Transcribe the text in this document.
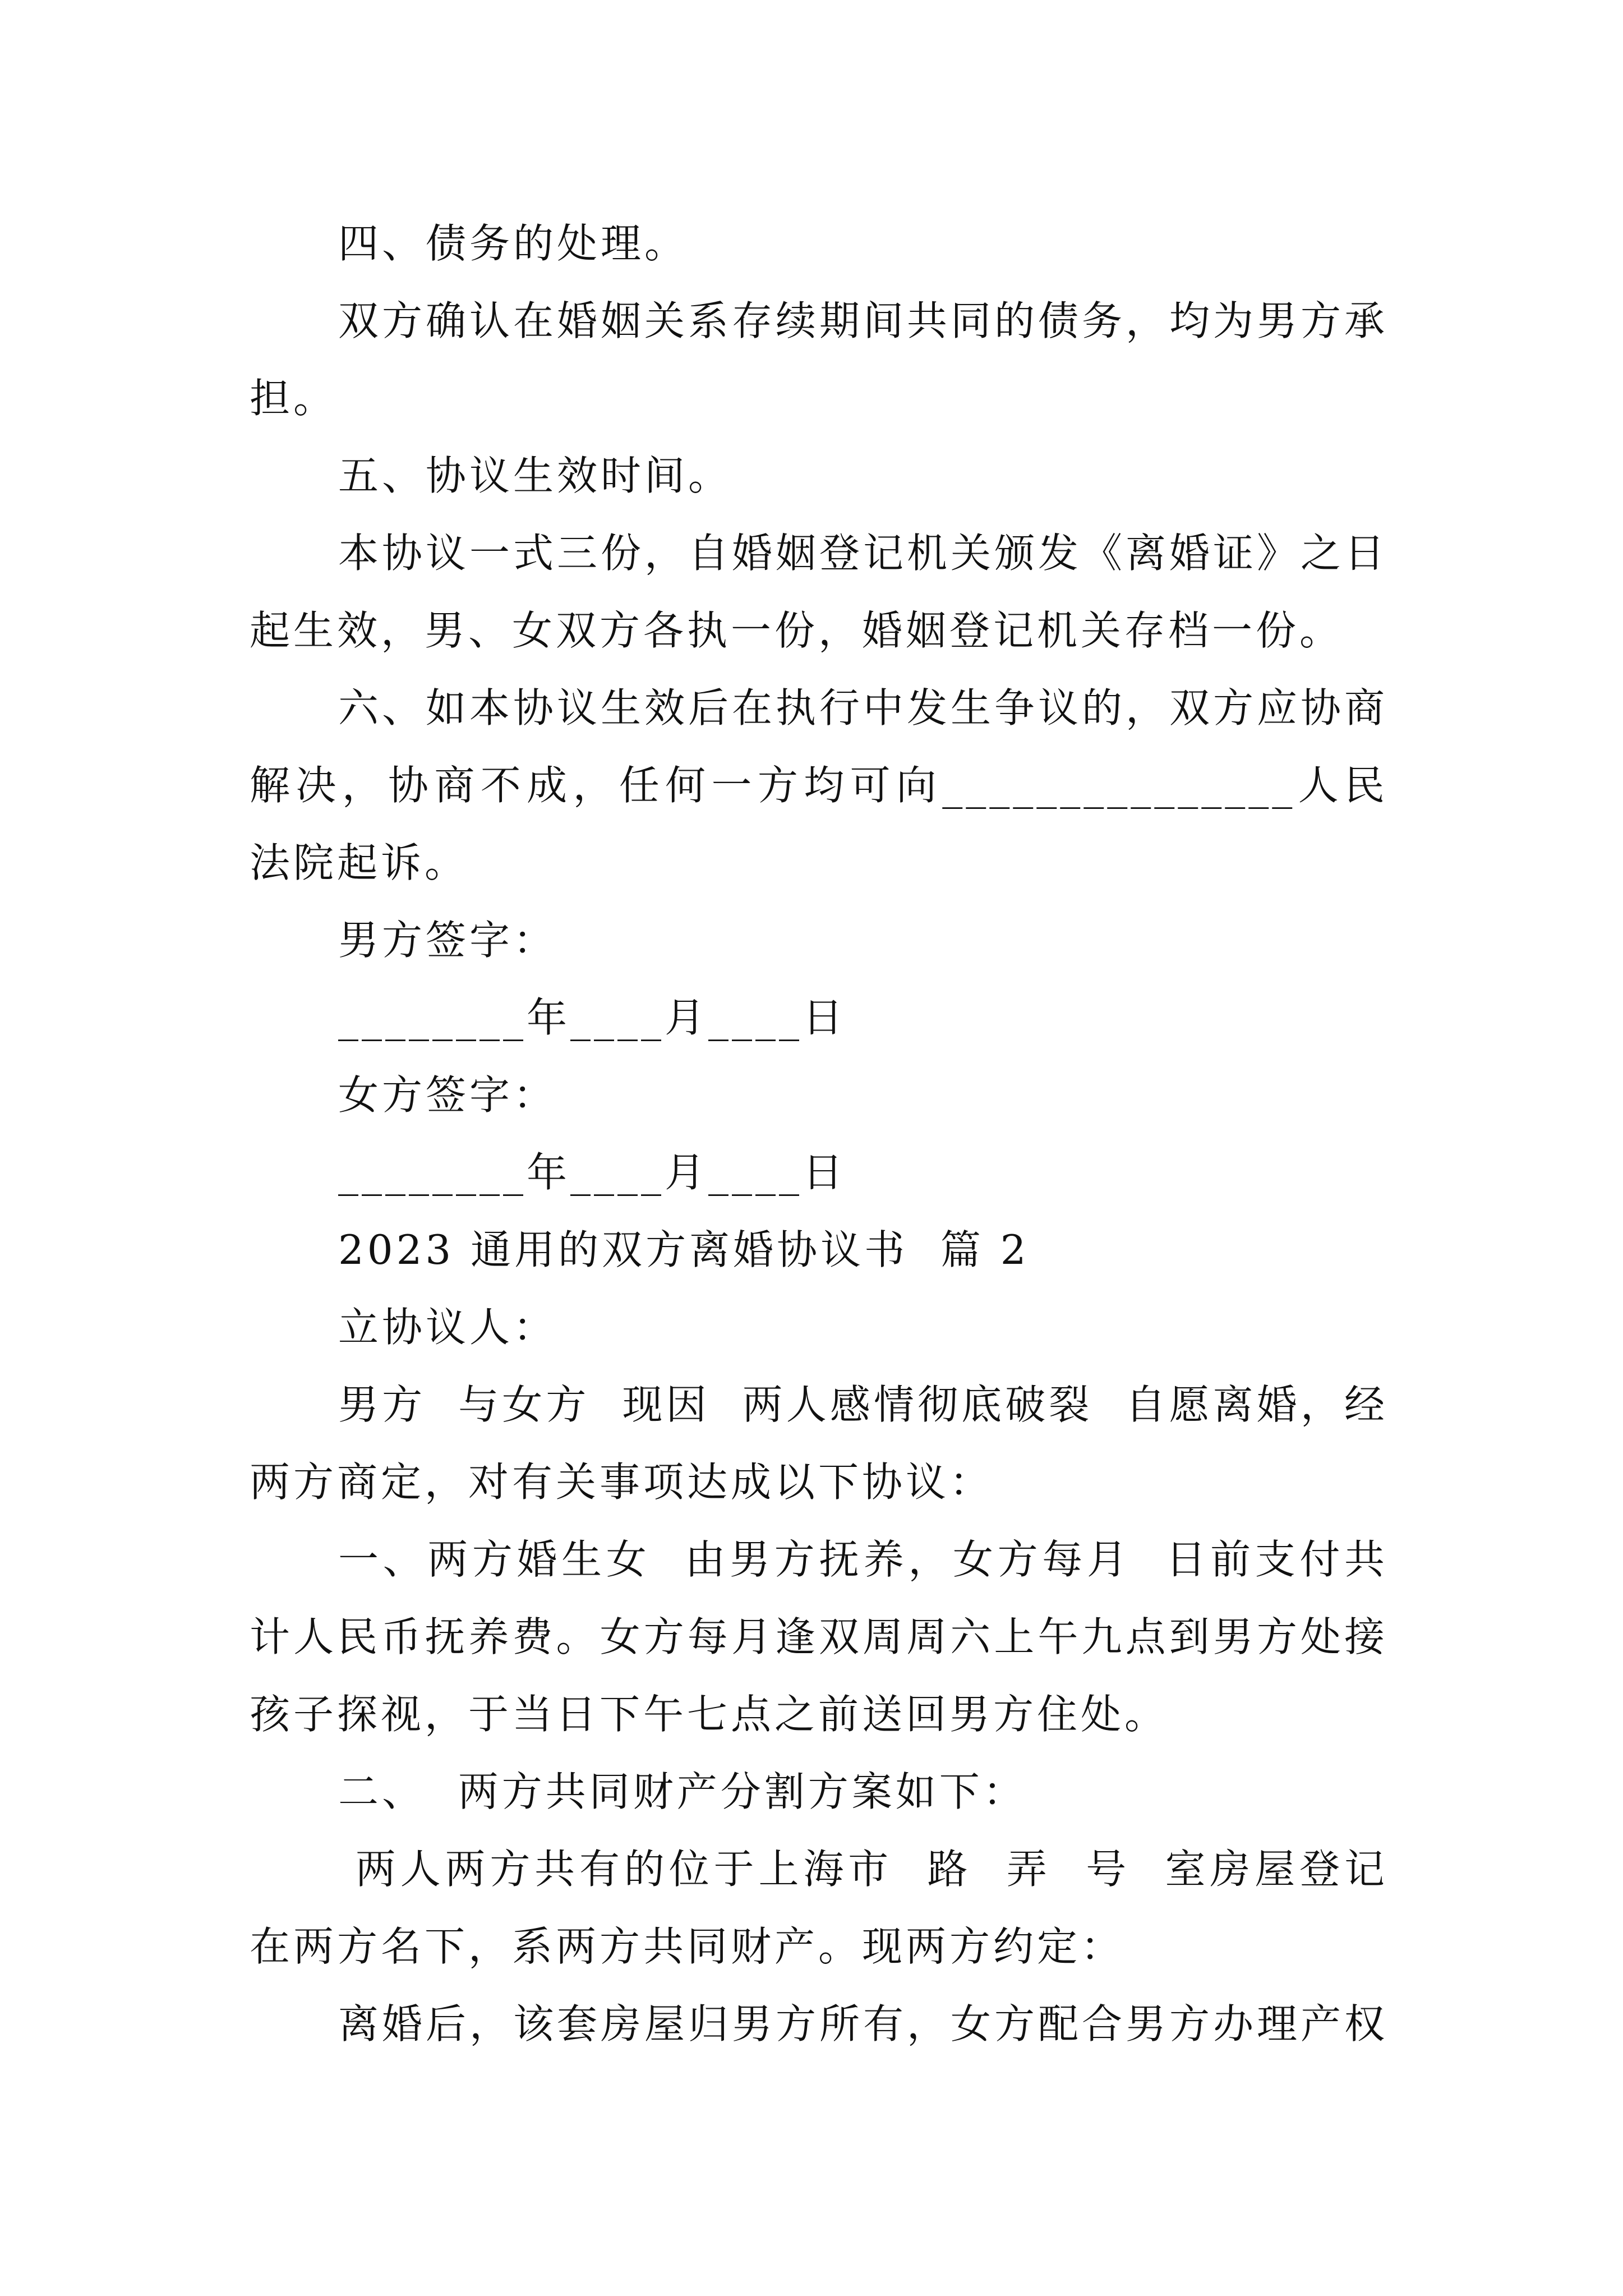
四、债务的处理。

双方确认在婚姻关系存续期间共同的债务，均为男方承担。

五、协议生效时间。

本协议一式三份，自婚姻登记机关颁发《离婚证》之日起生效，男、女双方各执一份，婚姻登记机关存档一份。

六、如本协议生效后在执行中发生争议的，双方应协商解决，协商不成，任何一方均可向_______________人民法院起诉。

男方签字：

________年____月____日

女方签字：

________年____月____日

2023 通用的双方离婚协议书  篇 2

立协议人：

男方  与女方  现因  两人感情彻底破裂  自愿离婚，经两方商定，对有关事项达成以下协议：

一、两方婚生女  由男方抚养，女方每月  日前支付共计人民币抚养费。女方每月逢双周周六上午九点到男方处接孩子探视，于当日下午七点之前送回男方住处。

二、  两方共同财产分割方案如下：

两人两方共有的位于上海市  路  弄  号  室房屋登记在两方名下，系两方共同财产。现两方约定：

离婚后，该套房屋归男方所有，女方配合男方办理产权
